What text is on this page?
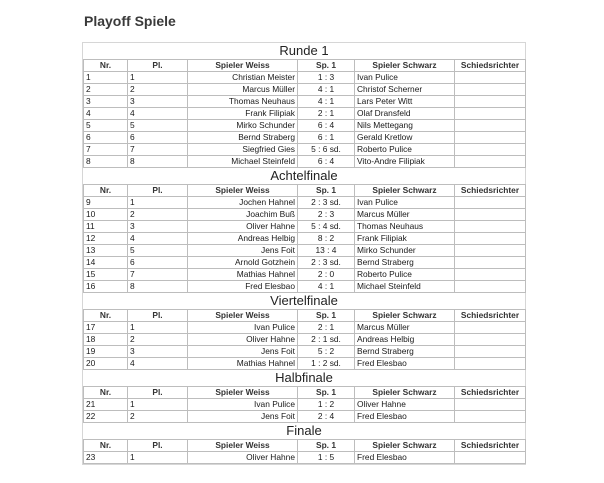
Playoff Spiele
Runde 1
Nr.	Pl.	Spieler Weiss	Sp. 1	Spieler Schwarz	Schiedsrichter
1	1	Christian Meister	1 : 3	Ivan Pulice	
2	2	Marcus Müller	4 : 1	Christof Scherner	
3	3	Thomas Neuhaus	4 : 1	Lars Peter Witt	
4	4	Frank Filipiak	2 : 1	Olaf Dransfeld	
5	5	Mirko Schunder	6 : 4	Nils Mettegang	
6	6	Bernd Straberg	6 : 1	Gerald Kretlow	
7	7	Siegfried Gies	5 : 6 sd.	Roberto Pulice	
8	8	Michael Steinfeld	6 : 4	Vito-Andre Filipiak	
Achtelfinale
Nr.	Pl.	Spieler Weiss	Sp. 1	Spieler Schwarz	Schiedsrichter
9	1	Jochen Hahnel	2 : 3 sd.	Ivan Pulice	
10	2	Joachim Buß	2 : 3	Marcus Müller	
11	3	Oliver Hahne	5 : 4 sd.	Thomas Neuhaus	
12	4	Andreas Helbig	8 : 2	Frank Filipiak	
13	5	Jens Foit	13 : 4	Mirko Schunder	
14	6	Arnold Gotzhein	2 : 3 sd.	Bernd Straberg	
15	7	Mathias Hahnel	2 : 0	Roberto Pulice	
16	8	Fred Elesbao	4 : 1	Michael Steinfeld	
Viertelfinale
Nr.	Pl.	Spieler Weiss	Sp. 1	Spieler Schwarz	Schiedsrichter
17	1	Ivan Pulice	2 : 1	Marcus Müller	
18	2	Oliver Hahne	2 : 1 sd.	Andreas Helbig	
19	3	Jens Foit	5 : 2	Bernd Straberg	
20	4	Mathias Hahnel	1 : 2 sd.	Fred Elesbao	
Halbfinale
Nr.	Pl.	Spieler Weiss	Sp. 1	Spieler Schwarz	Schiedsrichter
21	1	Ivan Pulice	1 : 2	Oliver Hahne	
22	2	Jens Foit	2 : 4	Fred Elesbao	
Finale
Nr.	Pl.	Spieler Weiss	Sp. 1	Spieler Schwarz	Schiedsrichter
23	1	Oliver Hahne	1 : 5	Fred Elesbao	
